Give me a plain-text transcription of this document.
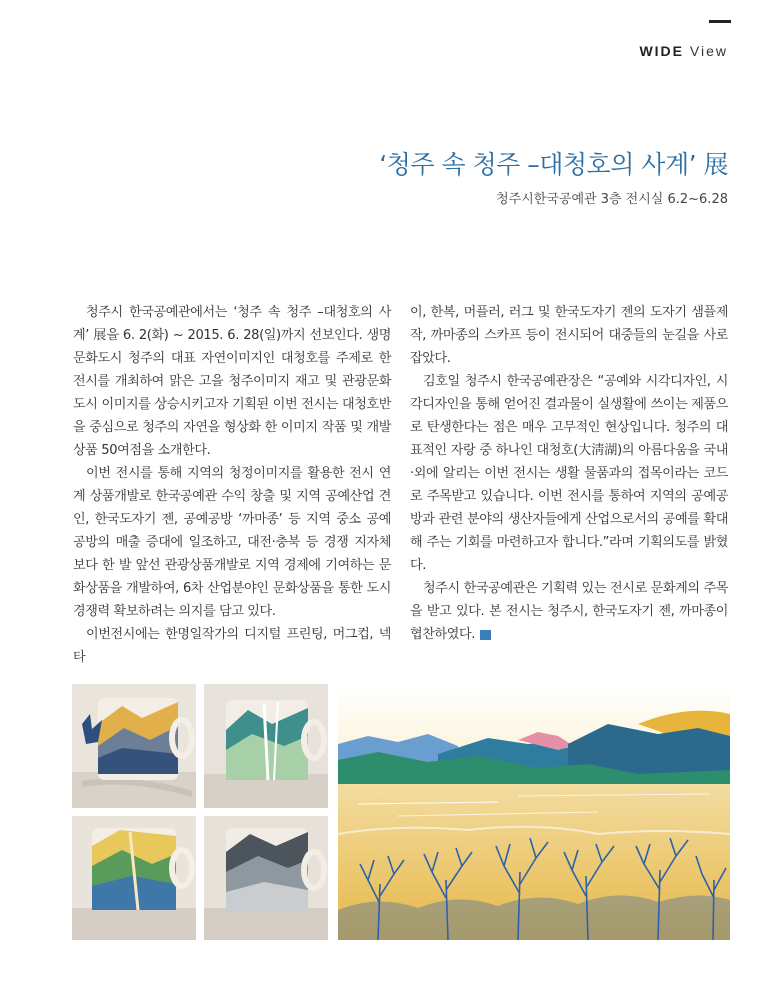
WIDE View
‘청주 속 청주 –대청호의 사계’ 展
청주시한국공예관 3층 전시실 6.2~6.28

청주시 한국공예관에서는 ‘청주 속 청주 –대청호의 사계’ 展을 6. 2(화) ~ 2015. 6. 28(일)까지 선보인다. 생명문화도시 청주의 대표 자연이미지인 대청호를 주제로 한 전시를 개최하여 맑은 고을 청주이미지 재고 및 관광문화도시 이미지를 상승시키고자 기획된 이번 전시는 대청호반을 중심으로 청주의 자연을 형상화 한 이미지 작품 및 개발 상품 50여점을 소개한다.

이번 전시를 통해 지역의 청정이미지를 활용한 전시 연계 상품개발로 한국공예관 수익 창출 및 지역 공예산업 견인, 한국도자기 젠, 공예공방 ‘까마종’ 등 지역 중소 공예 공방의 매출 증대에 일조하고, 대전·충북 등 경쟁 지자체 보다 한 발 앞선 관광상품개발로 지역 경제에 기여하는 문화상품을 개발하여, 6차 산업분야인 문화상품을 통한 도시경쟁력 확보하려는 의지를 담고 있다.

이번전시에는 한명일작가의 디지털 프린팅, 머그컵, 넥타

이, 한복, 머플러, 러그 및 한국도자기 젠의 도자기 샘플제작, 까마종의 스카프 등이 전시되어 대중들의 눈길을 사로잡았다.

김호일 청주시 한국공예관장은 “공예와 시각디자인, 시각디자인을 통해 얻어진 결과물이 실생활에 쓰이는 제품으로 탄생한다는 점은 매우 고무적인 현상입니다. 청주의 대표적인 자랑 중 하나인 대청호(大淸湖)의 아름다움을 국내·외에 알리는 이번 전시는 생활 물품과의 접목이라는 코드로 주목받고 있습니다. 이번 전시를 통하여 지역의 공예공방과 관련 분야의 생산자들에게 산업으로서의 공예를 확대해 주는 기회를 마련하고자 합니다.”라며 기획의도를 밝혔다.

청주시 한국공예관은 기획력 있는 전시로 문화계의 주목을 받고 있다. 본 전시는 청주시, 한국도자기 젠, 까마종이 협찬하였다.	W
